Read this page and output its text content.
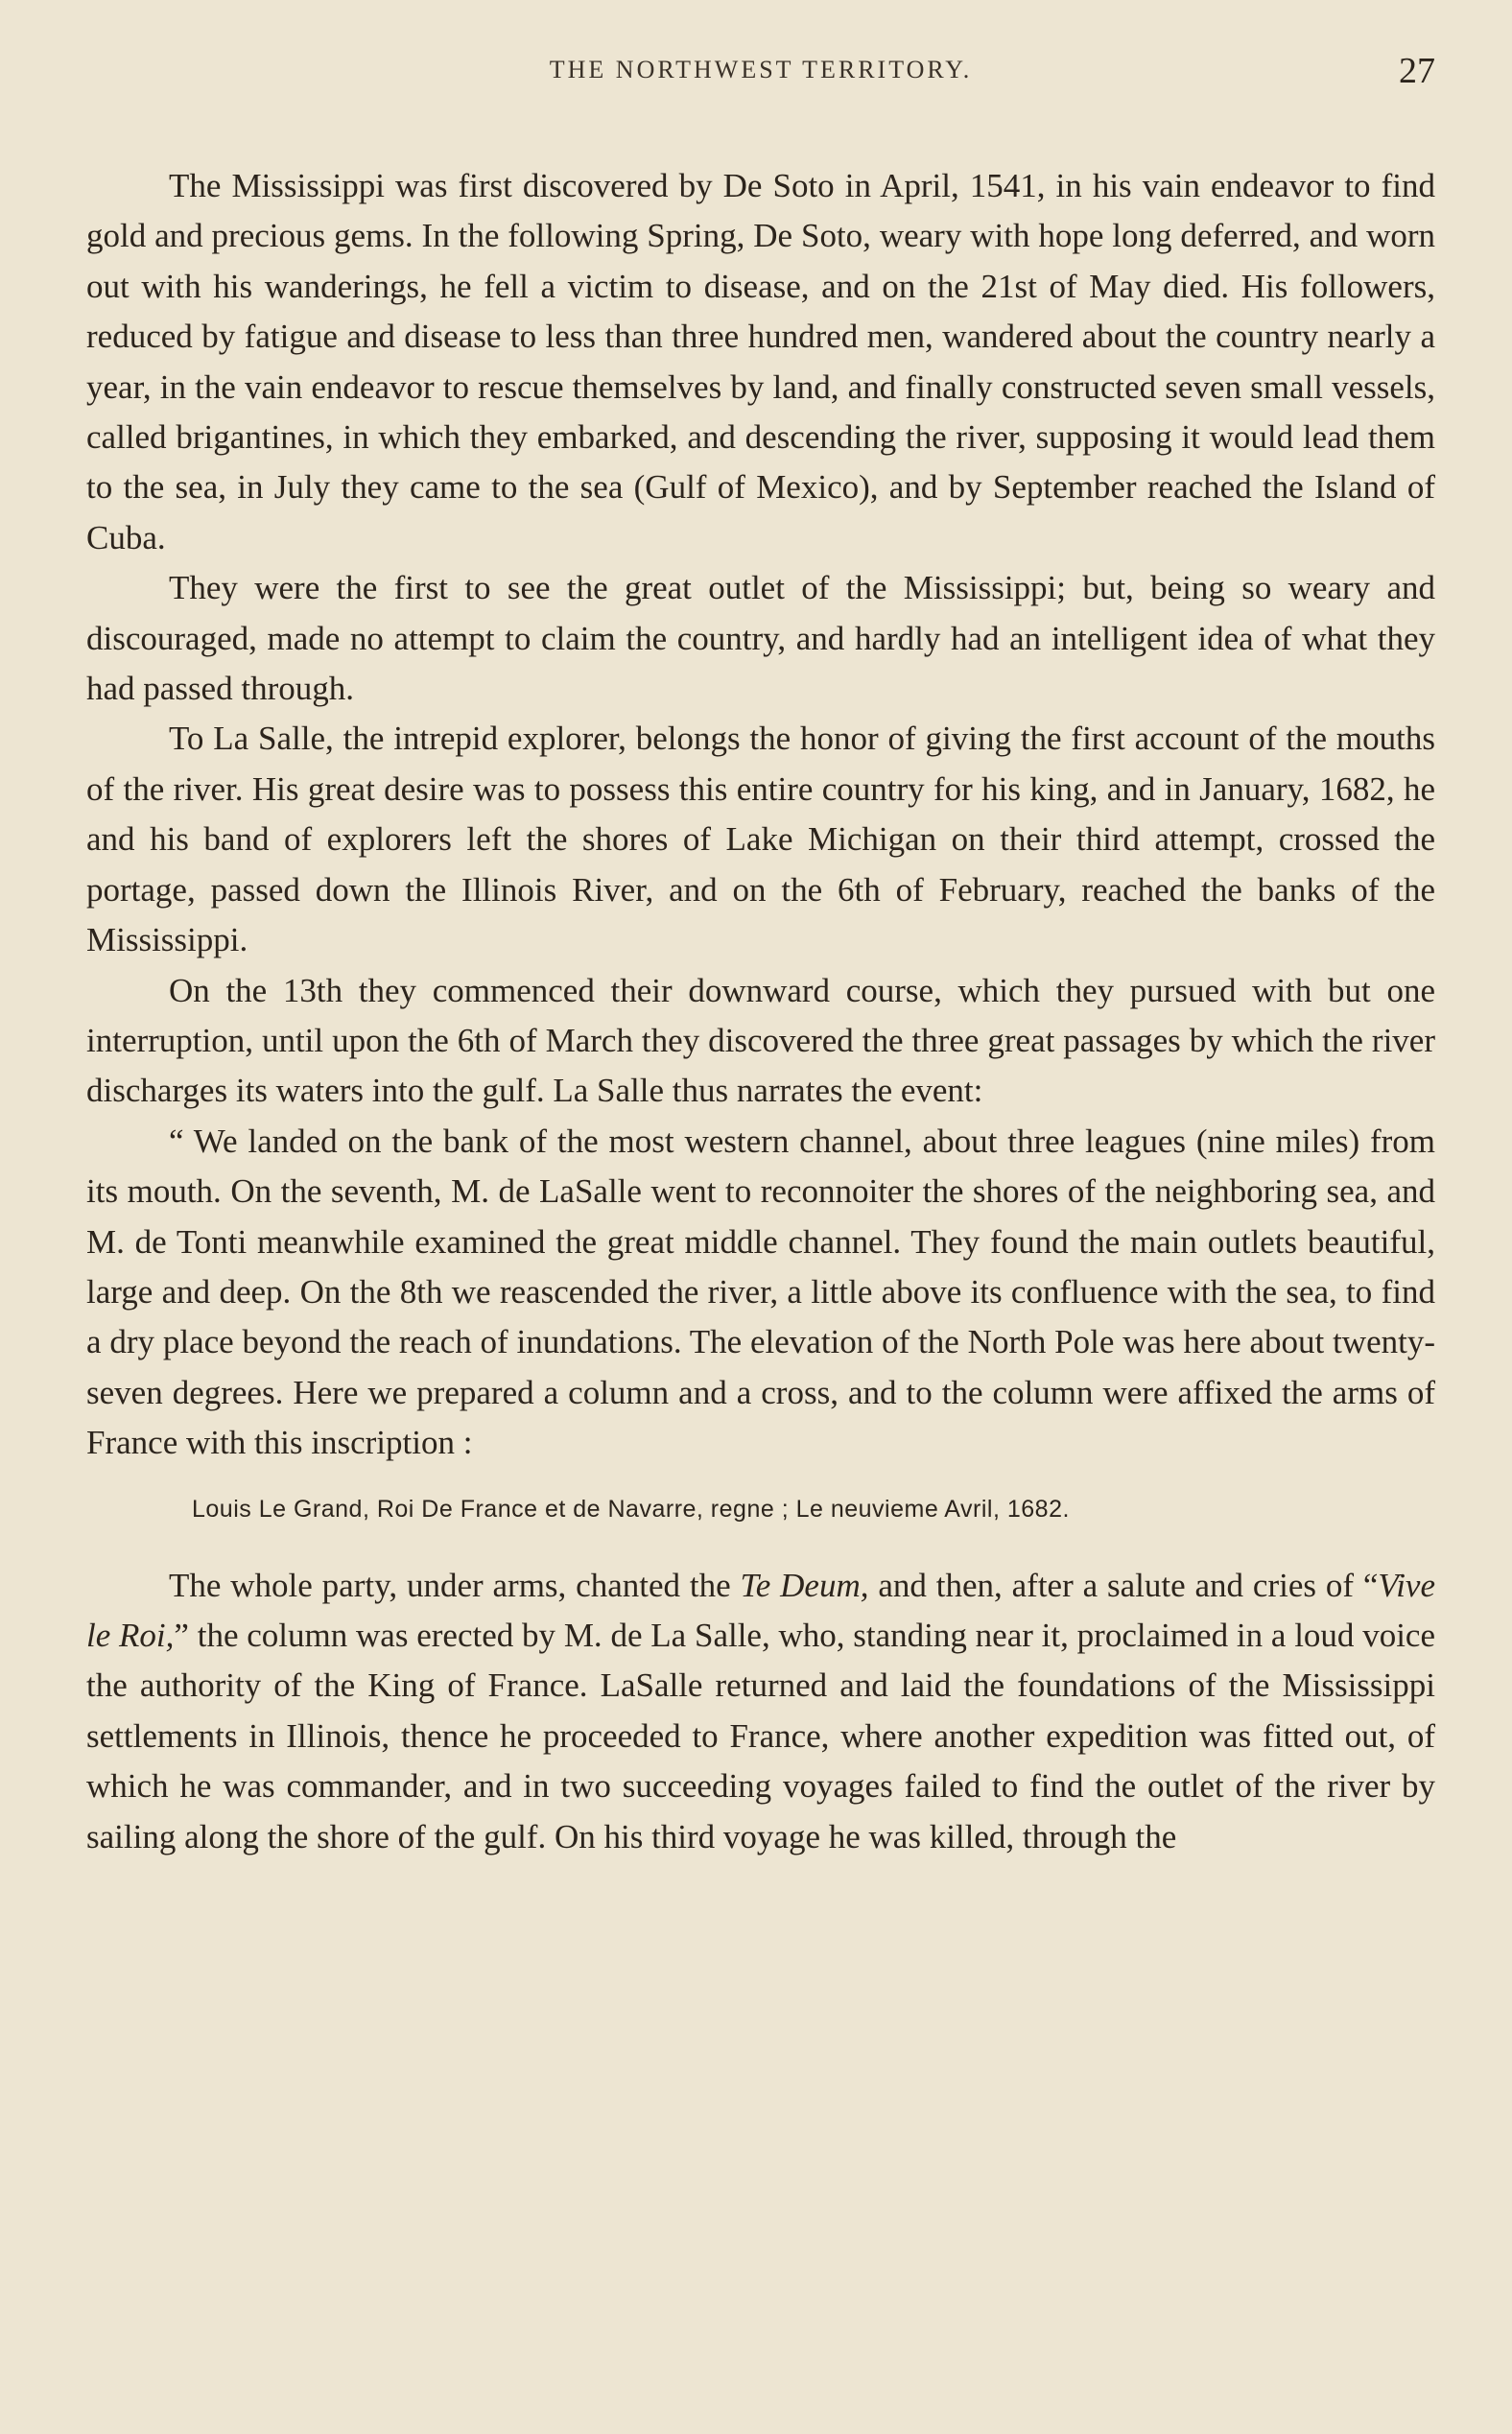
THE NORTHWEST TERRITORY.	27

The Mississippi was first discovered by De Soto in April, 1541, in his vain endeavor to find gold and precious gems. In the following Spring, De Soto, weary with hope long deferred, and worn out with his wanderings, he fell a victim to disease, and on the 21st of May died. His followers, reduced by fatigue and disease to less than three hundred men, wandered about the country nearly a year, in the vain endeavor to rescue themselves by land, and finally constructed seven small vessels, called brigantines, in which they embarked, and descending the river, supposing it would lead them to the sea, in July they came to the sea (Gulf of Mexico), and by September reached the Island of Cuba.

They were the first to see the great outlet of the Mississippi; but, being so weary and discouraged, made no attempt to claim the country, and hardly had an intelligent idea of what they had passed through.

To La Salle, the intrepid explorer, belongs the honor of giving the first account of the mouths of the river. His great desire was to possess this entire country for his king, and in January, 1682, he and his band of explorers left the shores of Lake Michigan on their third attempt, crossed the portage, passed down the Illinois River, and on the 6th of February, reached the banks of the Mississippi.

On the 13th they commenced their downward course, which they pursued with but one interruption, until upon the 6th of March they discovered the three great passages by which the river discharges its waters into the gulf. La Salle thus narrates the event:

“ We landed on the bank of the most western channel, about three leagues (nine miles) from its mouth. On the seventh, M. de LaSalle went to reconnoiter the shores of the neighboring sea, and M. de Tonti meanwhile examined the great middle channel. They found the main outlets beautiful, large and deep. On the 8th we reascended the river, a little above its confluence with the sea, to find a dry place beyond the reach of inundations. The elevation of the North Pole was here about twenty-seven degrees. Here we prepared a column and a cross, and to the column were affixed the arms of France with this inscription :

Louis Le Grand, Roi De France et de Navarre, regne ; Le neuvieme Avril, 1682.

The whole party, under arms, chanted the Te Deum, and then, after a salute and cries of “Vive le Roi,” the column was erected by M. de La Salle, who, standing near it, proclaimed in a loud voice the authority of the King of France. LaSalle returned and laid the foundations of the Mississippi settlements in Illinois, thence he proceeded to France, where another expedition was fitted out, of which he was commander, and in two succeeding voyages failed to find the outlet of the river by sailing along the shore of the gulf. On his third voyage he was killed, through the
